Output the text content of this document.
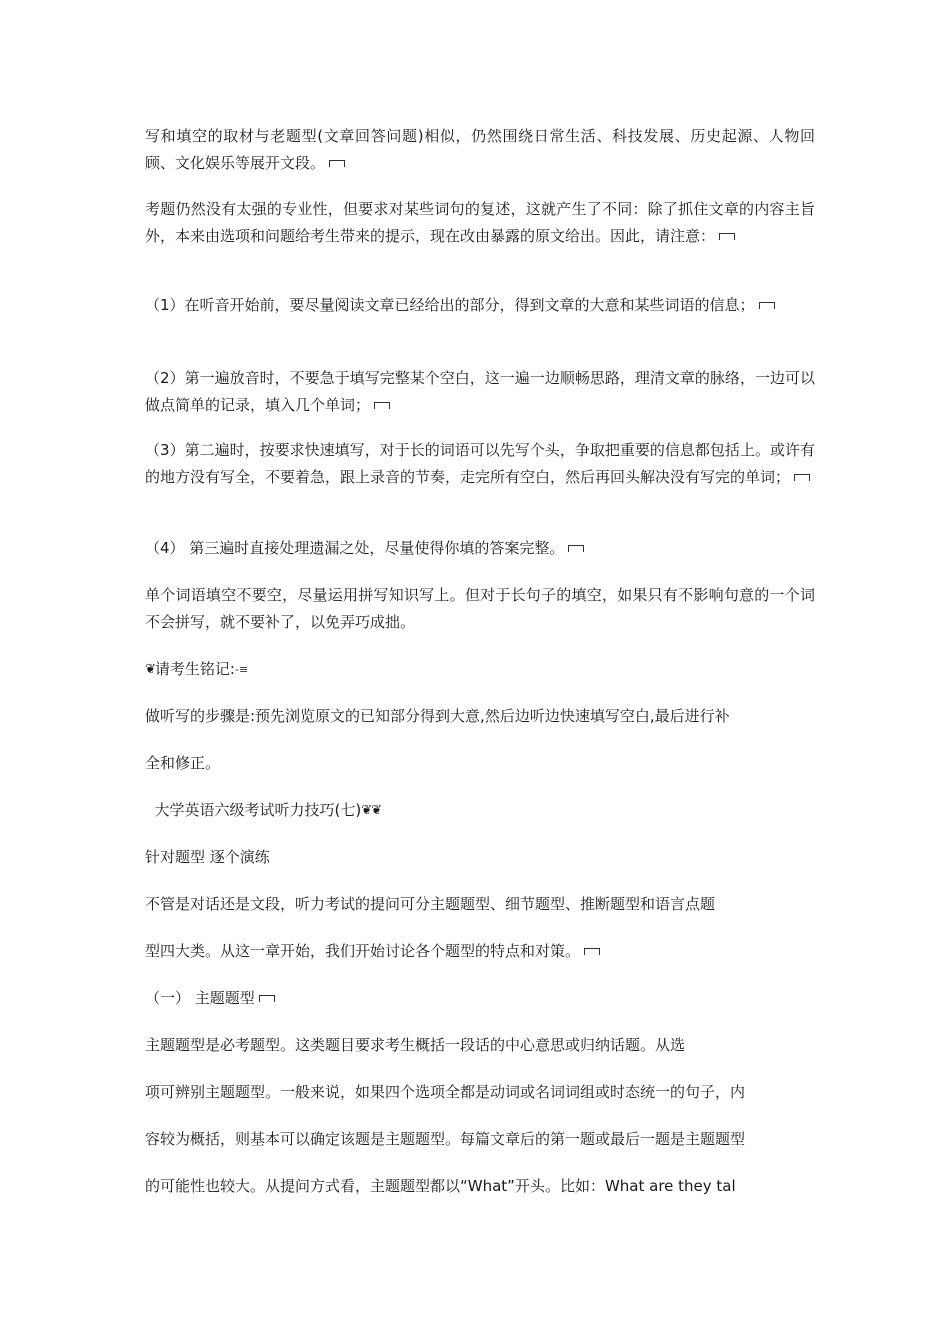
写和填空的取材与老题型(文章回答问题)相似，仍然围绕日常生活、科技发展、历史起源、人物回顾、文化娱乐等展开文段。

考题仍然没有太强的专业性，但要求对某些词句的复述，这就产生了不同：除了抓住文章的内容主旨外，本来由选项和问题给考生带来的提示，现在改由暴露的原文给出。因此，请注意：

（1）在听音开始前，要尽量阅读文章已经给出的部分，得到文章的大意和某些词语的信息；

（2）第一遍放音时，不要急于填写完整某个空白，这一遍一边顺畅思路，理清文章的脉络，一边可以做点简单的记录，填入几个单词；

（3）第二遍时，按要求快速填写，对于长的词语可以先写个头，争取把重要的信息都包括上。或许有的地方没有写全，不要着急，跟上录音的节奏，走完所有空白，然后再回头解决没有写完的单词；

（4） 第三遍时直接处理遗漏之处，尽量使得你填的答案完整。

单个词语填空不要空，尽量运用拼写知识写上。但对于长句子的填空，如果只有不影响句意的一个词不会拼写，就不要补了，以免弄巧成拙。

❦请考生铭记:-≡

做听写的步骤是:预先浏览原文的已知部分得到大意,然后边听边快速填写空白,最后进行补

全和修正。

大学英语六级考试听力技巧(七)❦❦

针对题型 逐个演练

不管是对话还是文段，听力考试的提问可分主题题型、细节题型、推断题型和语言点题

型四大类。从这一章开始，我们开始讨论各个题型的特点和对策。

（一） 主题题型

主题题型是必考题型。这类题目要求考生概括一段话的中心意思或归纳话题。从选

项可辨别主题题型。一般来说，如果四个选项全都是动词或名词词组或时态统一的句子，内

容较为概括，则基本可以确定该题是主题题型。每篇文章后的第一题或最后一题是主题题型

的可能性也较大。从提问方式看，主题题型都以“What”开头。比如：What are they tal
